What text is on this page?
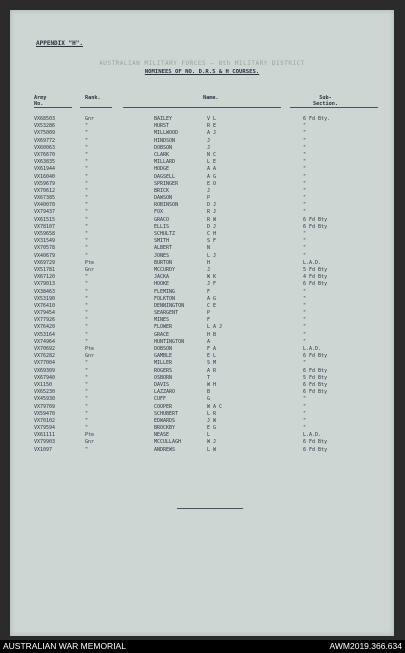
APPENDIX "H".
AUSTRALIAN MILITARY FORCES – 8th MILITARY DISTRICT
NOMINEES OF NO. D.R.S & H COURSES.
Army
No.
Rank.	Name.	Sub-
Section.
VX68503	Gnr	BAILEY	V L	6 Fd Bty.
VX53286	"	HURST	R E	"
VX75009	"	MILLWOOD	A J	"
VX69772	"	HINDSON	J	"
VX60063	"	DOBSON	J	"
VX76670	"	CLARK	N C	"
VX63835	"	MILLARD	L E	"
VX61944	"	HODGE	A A	"
VX16040	"	DAGSELL	A G	"
VX59679	"	SPRINGER	E O	"
VX70612	"	BRICK	J	"
VX67385	"	DAWSON	P	"
VX40070	"	ROBINSON	D J	"
VX79437	"	FOX	R J	"
VX61515	"	GRACO	R W	6 Fd Bty
VX78107	"	ELLIS	D J	6 Fd Bty
VX59658	"	SCHULTZ	C H	"
VX31549	"	SMITH	S F	"
VX70578	"	ALBERT	N	"
VX40679	"	JONES	L J	"
VX69729	Pte	BURTON	H	L.A.D.
VX51781	Gnr	MCCURDY	J	5 Fd Bty
VX67120	"	JACKA	W K	4 Fd Bty
VX79013	"	HOOKE	J F	6 Fd Bty
VX38463	"	FLEMING	F	"
VX53190	"	FOLKTON	A G	"
VX76410	"	DENNINGTON	C E	"
VX79454	"	SEARGENT	P	"
VX77926	"	MINES	F	"
VX76420	"	FLOWER	L A J	"
VX53164	"	GRACE	H B	"
VX74964	"	HUNTINGTON	A	"
VX70692	Pte	DOBSON	F A	L.A.D.
VX76282	Gnr	GAMBLE	E L	6 Fd Bty
VX77004	"	MILLER	S M	"
VX69309	"	ROGERS	A R	6 Fd Bty
VX67940	"	OSBORN	T	5 Fd Bty
VX1150	"	DAVIS	W H	6 Fd Bty
VX65230	"	LAZZARO	B	6 Fd Bty
VX45930	"	CUFF	G	"
VX79709	"	COOPER	W A C	"
VX59470	"	SCHUBERT	L R	"
VX70102	"	EDWARDS	J W	"
VX79594	"	BROCKBY	E G	"
VX61111	Pte	NEASE	L	L.A.D.
VX79903	Gnr	MCCULLAGH	W J	6 Fd Bty
VX1097	"	ANDREWS	L W	6 Fd Bty
AUSTRALIAN WAR MEMORIAL	AWM2019.366.634
